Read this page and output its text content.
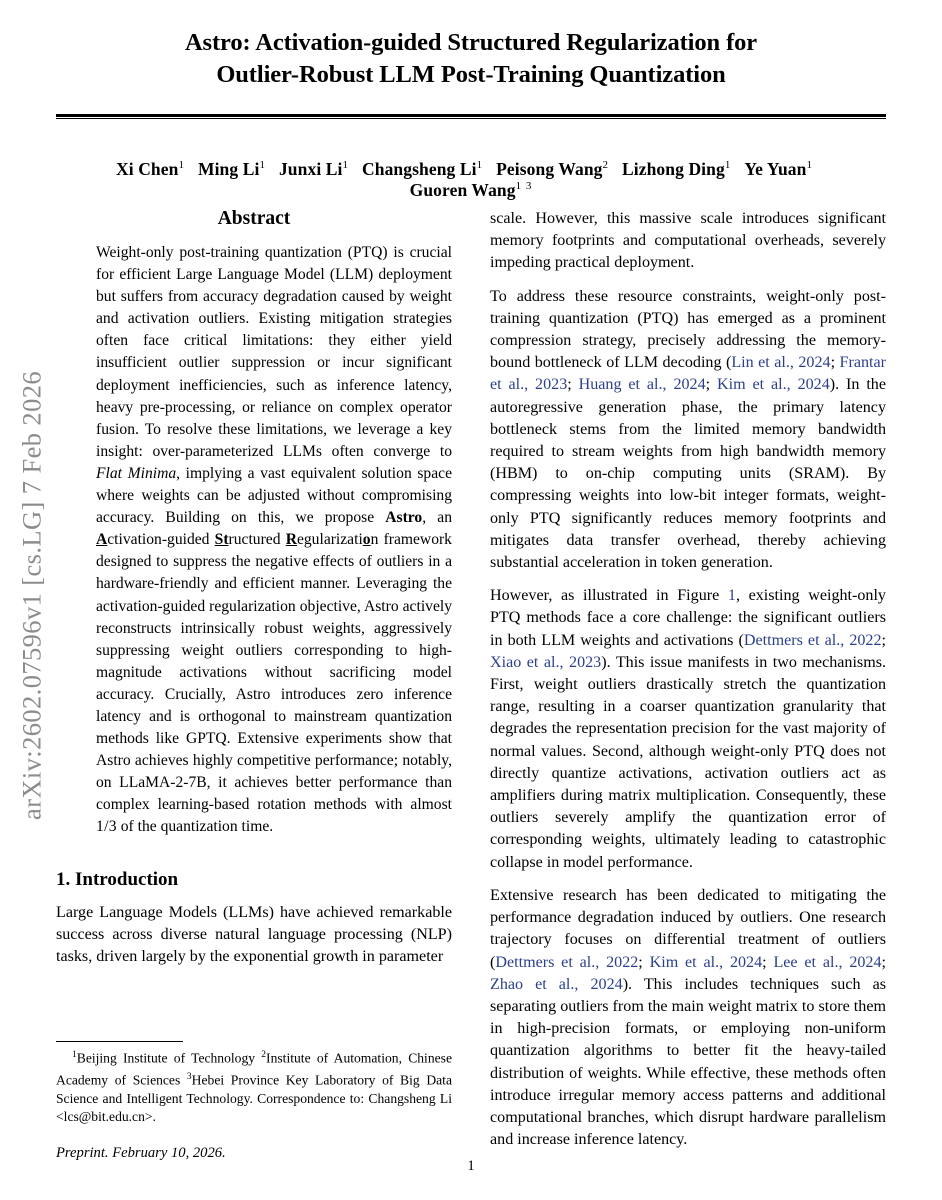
arXiv:2602.07596v1 [cs.LG] 7 Feb 2026
Astro: Activation-guided Structured Regularization for
Outlier-Robust LLM Post-Training Quantization
Xi Chen$^1$ Ming Li$^1$ Junxi Li$^1$ Changsheng Li$^1$ Peisong Wang$^2$ Lizhong Ding$^1$ Ye Yuan$^1$Guoren Wang$^{1 3}$
Abstract
Weight-only post-training quantization (PTQ) is crucial for efficient Large Language Model (LLM) deployment but suffers from accuracy degradation caused by weight and activation outliers. Existing mitigation strategies often face critical limitations: they either yield insufficient outlier suppression or incur significant deployment inefficiencies, such as inference latency, heavy pre-processing, or reliance on complex operator fusion. To resolve these limitations, we leverage a key insight: over-parameterized LLMs often converge to Flat Minima, implying a vast equivalent solution space where weights can be adjusted without compromising accuracy. Building on this, we propose Astro, an Activation-guided Structured Regularization framework designed to suppress the negative effects of outliers in a hardware-friendly and efficient manner. Leveraging the activation-guided regularization objective, Astro actively reconstructs intrinsically robust weights, aggressively suppressing weight outliers corresponding to high-magnitude activations without sacrificing model accuracy. Crucially, Astro introduces zero inference latency and is orthogonal to mainstream quantization methods like GPTQ. Extensive experiments show that Astro achieves highly competitive performance; notably, on LLaMA-2-7B, it achieves better performance than complex learning-based rotation methods with almost 1/3 of the quantization time.
1. Introduction

Large Language Models (LLMs) have achieved remarkable success across diverse natural language processing (NLP) tasks, driven largely by the exponential growth in parameter

$^1$Beijing Institute of Technology $^2$Institute of Automation, Chinese Academy of Sciences $^3$Hebei Province Key Laboratory of Big Data Science and Intelligent Technology. Correspondence to: Changsheng Li <lcs@bit.edu.cn>.

Preprint. February 10, 2026.

scale. However, this massive scale introduces significant memory footprints and computational overheads, severely impeding practical deployment.

To address these resource constraints, weight-only post-training quantization (PTQ) has emerged as a prominent compression strategy, precisely addressing the memory-bound bottleneck of LLM decoding (Lin et al., 2024; Frantar et al., 2023; Huang et al., 2024; Kim et al., 2024). In the autoregressive generation phase, the primary latency bottleneck stems from the limited memory bandwidth required to stream weights from high bandwidth memory (HBM) to on-chip computing units (SRAM). By compressing weights into low-bit integer formats, weight-only PTQ significantly reduces memory footprints and mitigates data transfer overhead, thereby achieving substantial acceleration in token generation.

However, as illustrated in Figure 1, existing weight-only PTQ methods face a core challenge: the significant outliers in both LLM weights and activations (Dettmers et al., 2022; Xiao et al., 2023). This issue manifests in two mechanisms. First, weight outliers drastically stretch the quantization range, resulting in a coarser quantization granularity that degrades the representation precision for the vast majority of normal values. Second, although weight-only PTQ does not directly quantize activations, activation outliers act as amplifiers during matrix multiplication. Consequently, these outliers severely amplify the quantization error of corresponding weights, ultimately leading to catastrophic collapse in model performance.

Extensive research has been dedicated to mitigating the performance degradation induced by outliers. One research trajectory focuses on differential treatment of outliers (Dettmers et al., 2022; Kim et al., 2024; Lee et al., 2024; Zhao et al., 2024). This includes techniques such as separating outliers from the main weight matrix to store them in high-precision formats, or employing non-uniform quantization algorithms to better fit the heavy-tailed distribution of weights. While effective, these methods often introduce irregular memory access patterns and additional computational branches, which disrupt hardware parallelism and increase inference latency.

1
